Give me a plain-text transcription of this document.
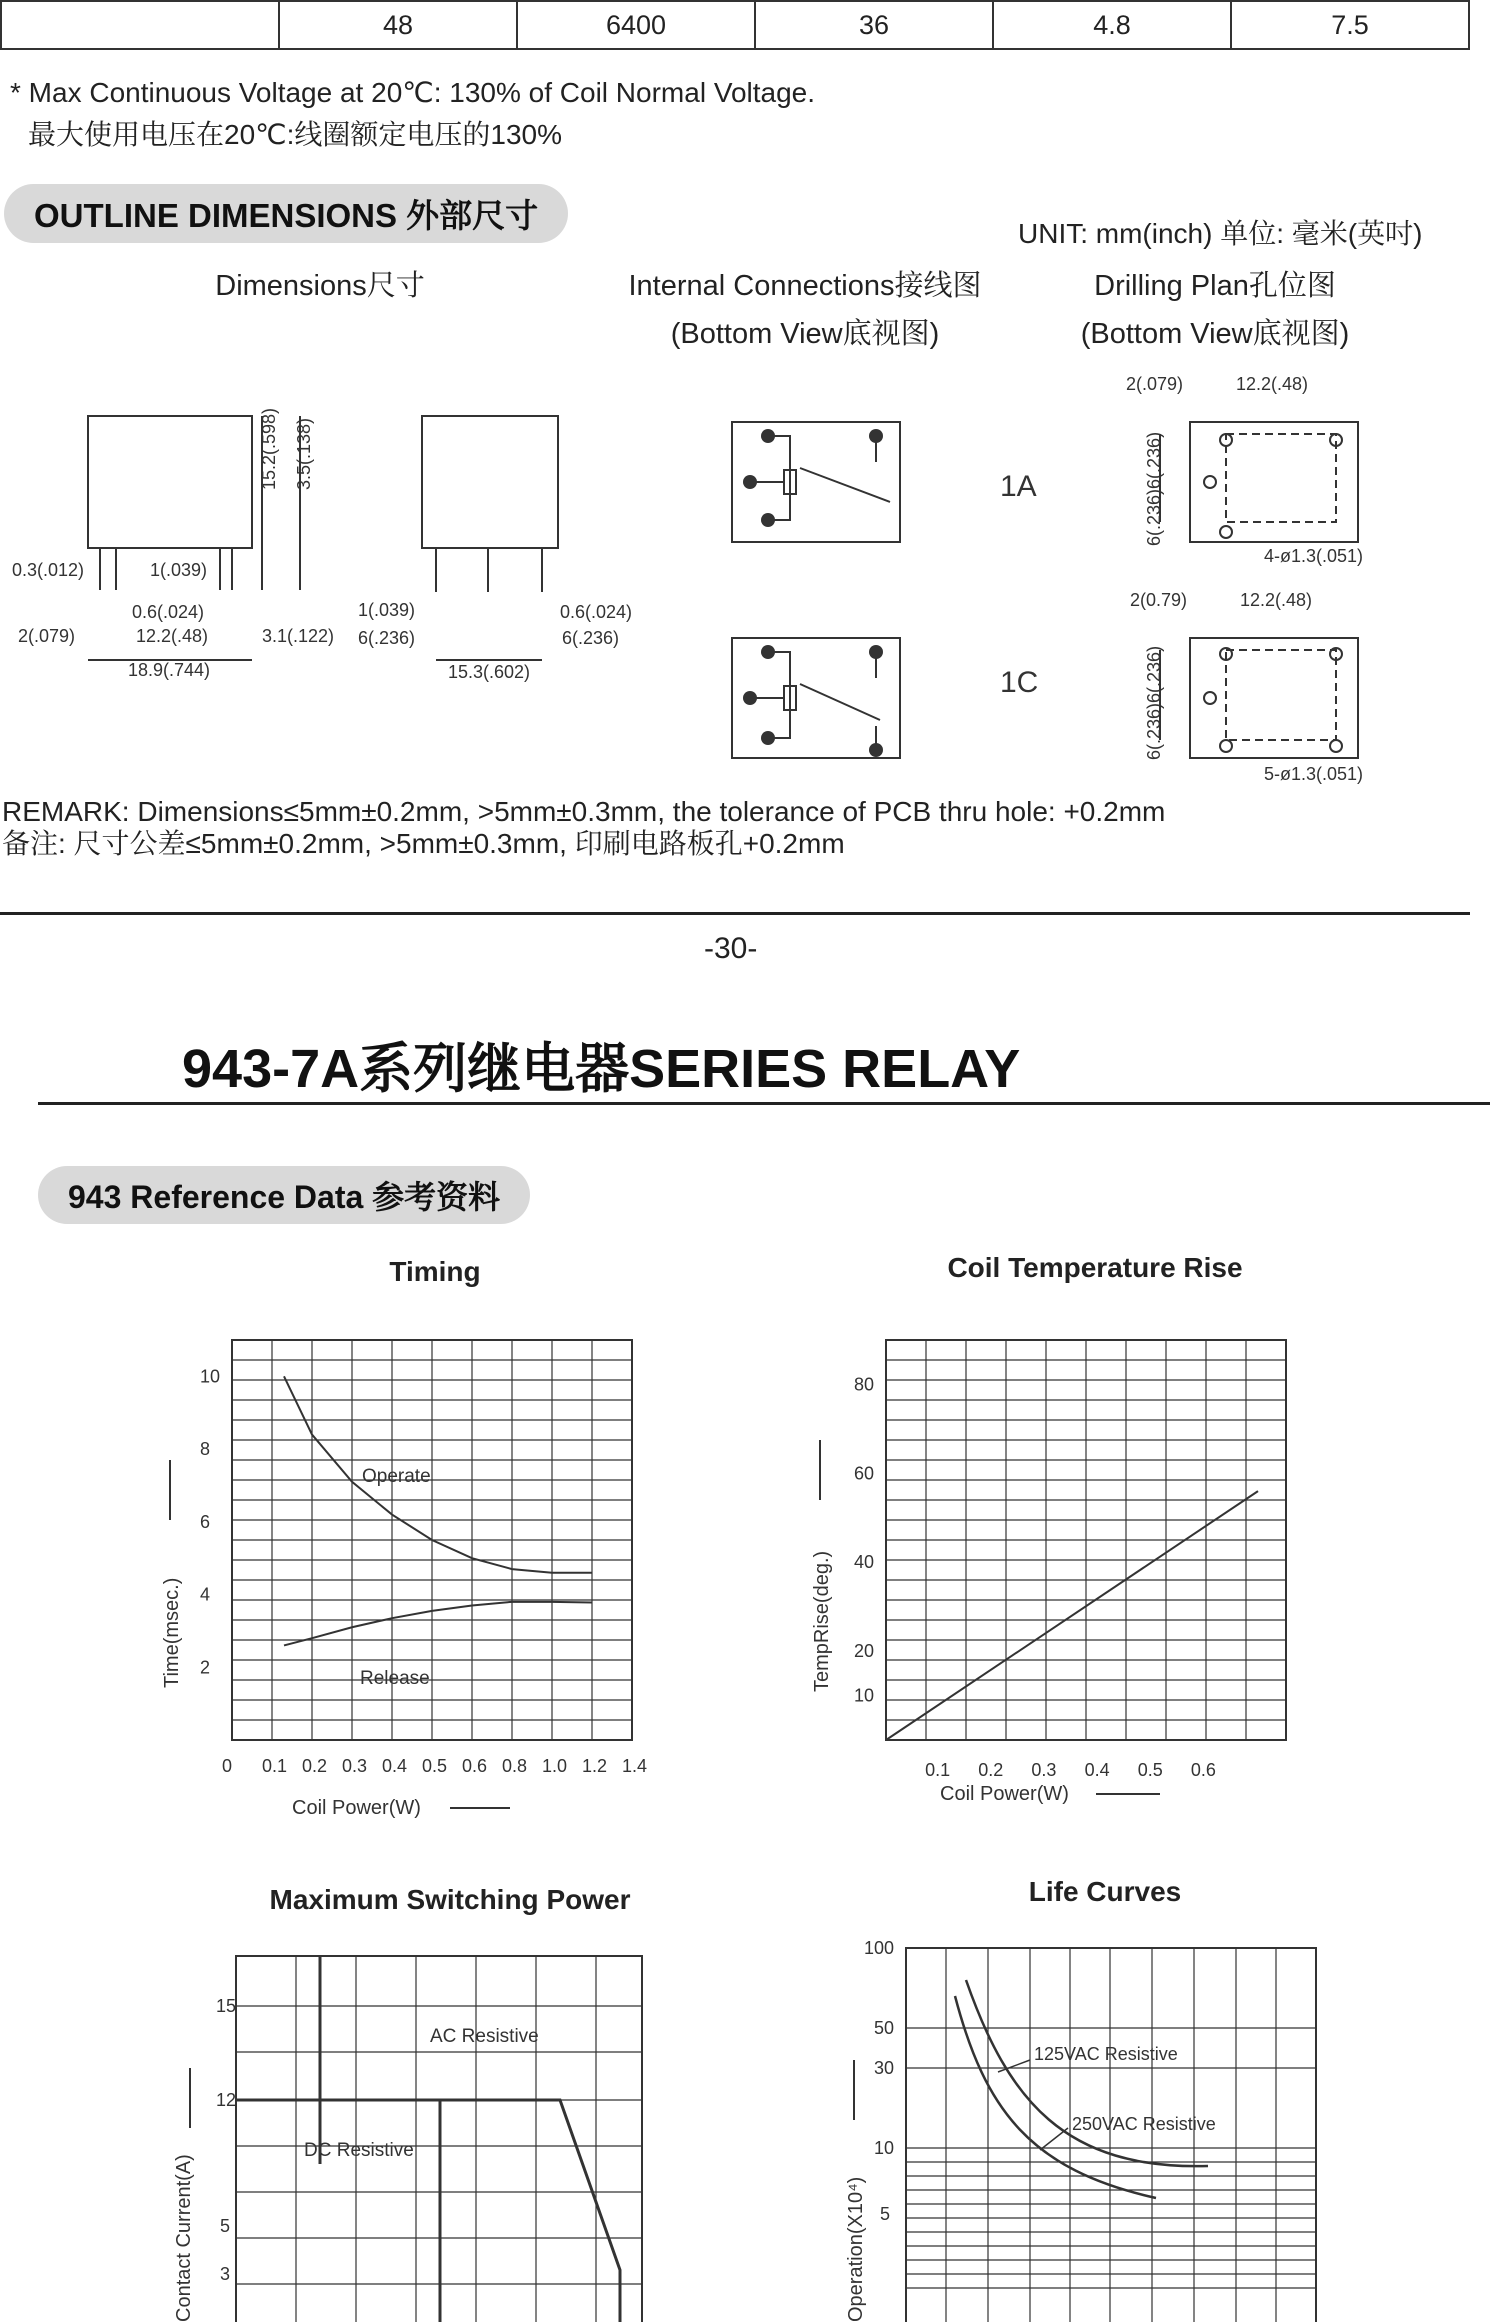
	48	6400	36	4.8	7.5
* Max Continuous Voltage at 20℃: 130% of Coil Normal Voltage.
最大使用电压在20℃:线圈额定电压的130%
OUTLINE DIMENSIONS 外部尺寸	UNIT: mm(inch) 单位: 毫米(英吋)
Dimensions尺寸	Internal Connections接线图
(Bottom View底视图)
Drilling Plan孔位图
(Bottom View底视图)
15.2(.598) 3.5(.138)
0.3(.012)	1(.039)
0.6(.024)
2(.079)	12.2(.48)	3.1(.122)
18.9(.744)
1(.039)
6(.236)
0.6(.024)
6(.236)
15.3(.602)
2(.079)	12.2(.48)
6(.236)6(.236)
4-ø1.3(.051)
2(0.79)	12.2(.48)
6(.236)6(.236)
5-ø1.3(.051)
1A
1C
REMARK: Dimensions≤5mm±0.2mm, >5mm±0.3mm, the tolerance of PCB thru hole: +0.2mm
备注: 尺寸公差≤5mm±0.2mm, >5mm±0.3mm, 印刷电路板孔+0.2mm
-30-
943-7A系列继电器SERIES RELAY
943 Reference Data 参考资料
Timing	Coil Temperature Rise
Maximum Switching Power	Life Curves
0 0.1 0.2 0.3 0.4 0.5 0.6 0.8 1.0 1.2 1.4
10
8
6
4
2
Operate
Release
Time(msec.)
Coil Power(W)
0.1 0.2 0.3 0.4 0.5 0.6
80
60
40
20
10
TempRise(deg.)
Coil Power(W)
15
12
5
3
AC Resistive
DC Resistive
Contact Current(A)
100
50
30
10
5
125VAC Resistive
250VAC Resistive
Operation(X10⁴)
